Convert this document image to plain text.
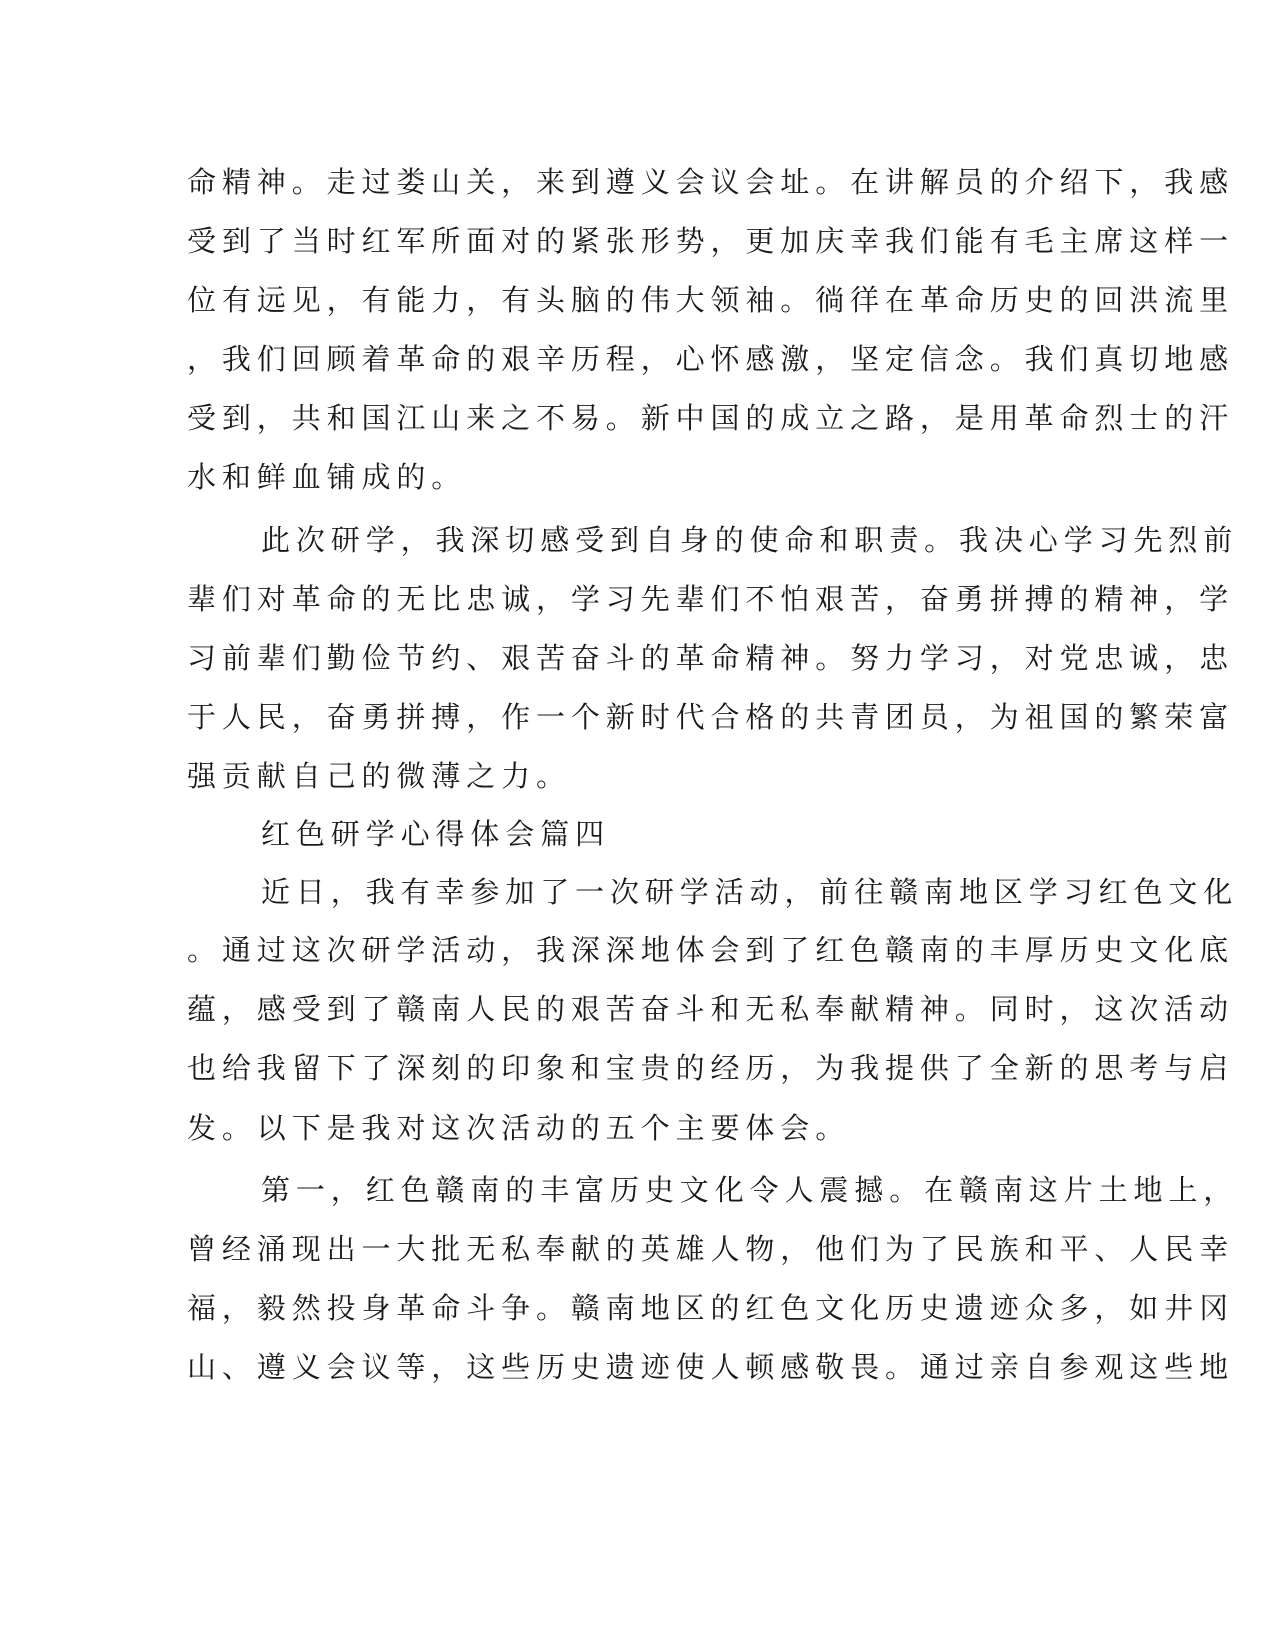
命精神。走过娄山关，来到遵义会议会址。在讲解员的介绍下，我感

受到了当时红军所面对的紧张形势，更加庆幸我们能有毛主席这样一

位有远见，有能力，有头脑的伟大领袖。徜徉在革命历史的回洪流里

，我们回顾着革命的艰辛历程，心怀感激，坚定信念。我们真切地感

受到，共和国江山来之不易。新中国的成立之路，是用革命烈士的汗

水和鲜血铺成的。

此次研学，我深切感受到自身的使命和职责。我决心学习先烈前

辈们对革命的无比忠诚，学习先辈们不怕艰苦，奋勇拼搏的精神，学

习前辈们勤俭节约、艰苦奋斗的革命精神。努力学习，对党忠诚，忠

于人民，奋勇拼搏，作一个新时代合格的共青团员，为祖国的繁荣富

强贡献自己的微薄之力。

红色研学心得体会篇四

近日，我有幸参加了一次研学活动，前往赣南地区学习红色文化

。通过这次研学活动，我深深地体会到了红色赣南的丰厚历史文化底

蕴，感受到了赣南人民的艰苦奋斗和无私奉献精神。同时，这次活动

也给我留下了深刻的印象和宝贵的经历，为我提供了全新的思考与启

发。以下是我对这次活动的五个主要体会。

第一，红色赣南的丰富历史文化令人震撼。在赣南这片土地上，

曾经涌现出一大批无私奉献的英雄人物，他们为了民族和平、人民幸

福，毅然投身革命斗争。赣南地区的红色文化历史遗迹众多，如井冈

山、遵义会议等，这些历史遗迹使人顿感敬畏。通过亲自参观这些地
